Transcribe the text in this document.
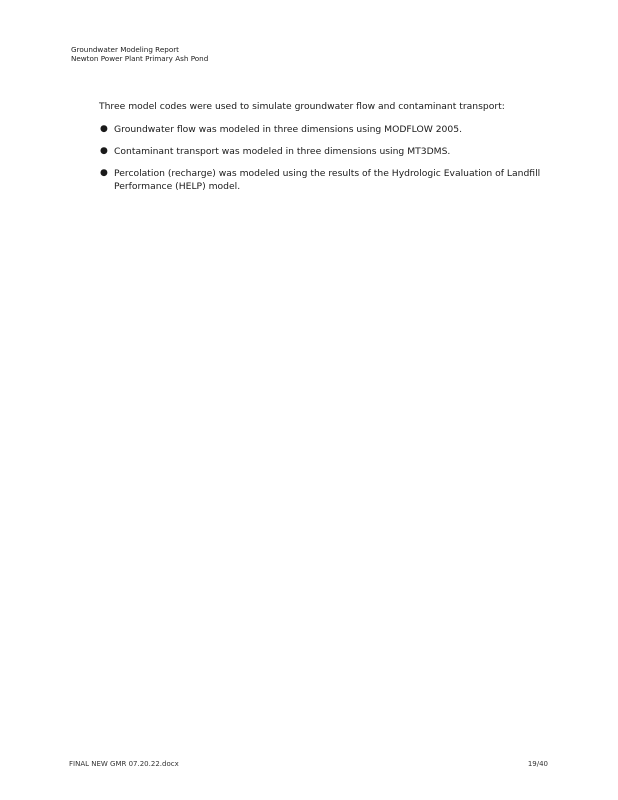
Groundwater Modeling Report
Newton Power Plant Primary Ash Pond

Three model codes were used to simulate groundwater flow and contaminant transport:

● Groundwater flow was modeled in three dimensions using MODFLOW 2005.
● Contaminant transport was modeled in three dimensions using MT3DMS.
● Percolation (recharge) was modeled using the results of the Hydrologic Evaluation of Landfill Performance (HELP) model.
FINAL NEW GMR 07.20.22.docx	19/40
